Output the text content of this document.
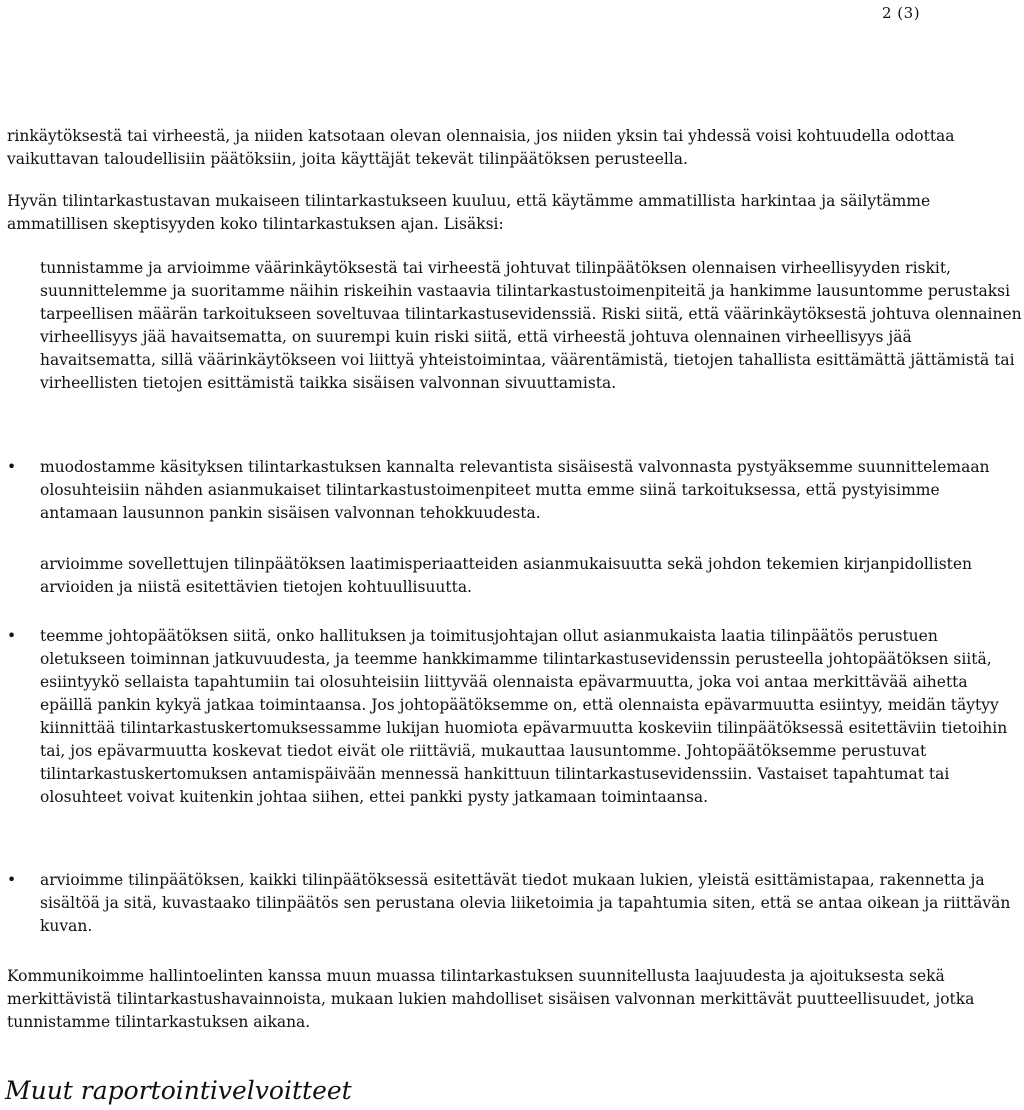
2 (3)

rinkäytöksestä tai virheestä, ja niiden katsotaan olevan olennaisia, jos niiden yksin tai yhdessä voisi kohtuudella odottaa vaikuttavan taloudellisiin päätöksiin, joita käyttäjät tekevät tilinpäätöksen perusteella.

Hyvän tilintarkastustavan mukaiseen tilintarkastukseen kuuluu, että käytämme ammatillista harkintaa ja säilytämme ammatillisen skeptisyyden koko tilintarkastuksen ajan. Lisäksi:

tunnistamme ja arvioimme väärinkäytöksestä tai virheestä johtuvat tilinpäätöksen olennaisen virheellisyyden riskit, suunnittelemme ja suoritamme näihin riskeihin vastaavia tilintarkastustoimenpiteitä ja hankimme lausuntomme perustaksi tarpeellisen määrän tarkoitukseen soveltuvaa tilintarkastusevidenssiä. Riski siitä, että väärinkäytöksestä johtuva olennainen virheellisyys jää havaitsematta, on suurempi kuin riski siitä, että virheestä johtuva olennainen virheellisyys jää havaitsematta, sillä väärinkäytökseen voi liittyä yhteistoimintaa, väärentämistä, tietojen tahallista esittämättä jättämistä tai virheellisten tietojen esittämistä taikka sisäisen valvonnan sivuuttamista.

•	muodostamme käsityksen tilintarkastuksen kannalta relevantista sisäisestä valvonnasta pystyäksemme suunnittelemaan olosuhteisiin nähden asianmukaiset tilintarkastustoimenpiteet mutta emme siinä tarkoituksessa, että pystyisimme antamaan lausunnon pankin sisäisen valvonnan tehokkuudesta.

arvioimme sovellettujen tilinpäätöksen laatimisperiaatteiden asianmukaisuutta sekä johdon tekemien kirjanpidollisten arvioiden ja niistä esitettävien tietojen kohtuullisuutta.

•	teemme johtopäätöksen siitä, onko hallituksen ja toimitusjohtajan ollut asianmukaista laatia tilinpäätös perustuen oletukseen toiminnan jatkuvuudesta, ja teemme hankkimamme tilintarkastusevidenssin perusteella johtopäätöksen siitä, esiintyykö sellaista tapahtumiin tai olosuhteisiin liittyvää olennaista epävarmuutta, joka voi antaa merkittävää aihetta epäillä pankin kykyä jatkaa toimintaansa. Jos johtopäätöksemme on, että olennaista epävarmuutta esiintyy, meidän täytyy kiinnittää tilintarkastuskertomuksessamme lukijan huomiota epävarmuutta koskeviin tilinpäätöksessä esitettäviin tietoihin tai, jos epävarmuutta koskevat tiedot eivät ole riittäviä, mukauttaa lausuntomme. Johtopäätöksemme perustuvat tilintarkastuskertomuksen antamispäivään mennessä hankittuun tilintarkastusevidenssiin. Vastaiset tapahtumat tai olosuhteet voivat kuitenkin johtaa siihen, ettei pankki pysty jatkamaan toimintaansa.

•	arvioimme tilinpäätöksen, kaikki tilinpäätöksessä esitettävät tiedot mukaan lukien, yleistä esittämistapaa, rakennetta ja sisältöä ja sitä, kuvastaako tilinpäätös sen perustana olevia liiketoimia ja tapahtumia siten, että se antaa oikean ja riittävän kuvan.

Kommunikoimme hallintoelinten kanssa muun muassa tilintarkastuksen suunnitellusta laajuudesta ja ajoituksesta sekä merkittävistä tilintarkastushavainnoista, mukaan lukien mahdolliset sisäisen valvonnan merkittävät puutteellisuudet, jotka tunnistamme tilintarkastuksen aikana.

Muut raportointivelvoitteet
